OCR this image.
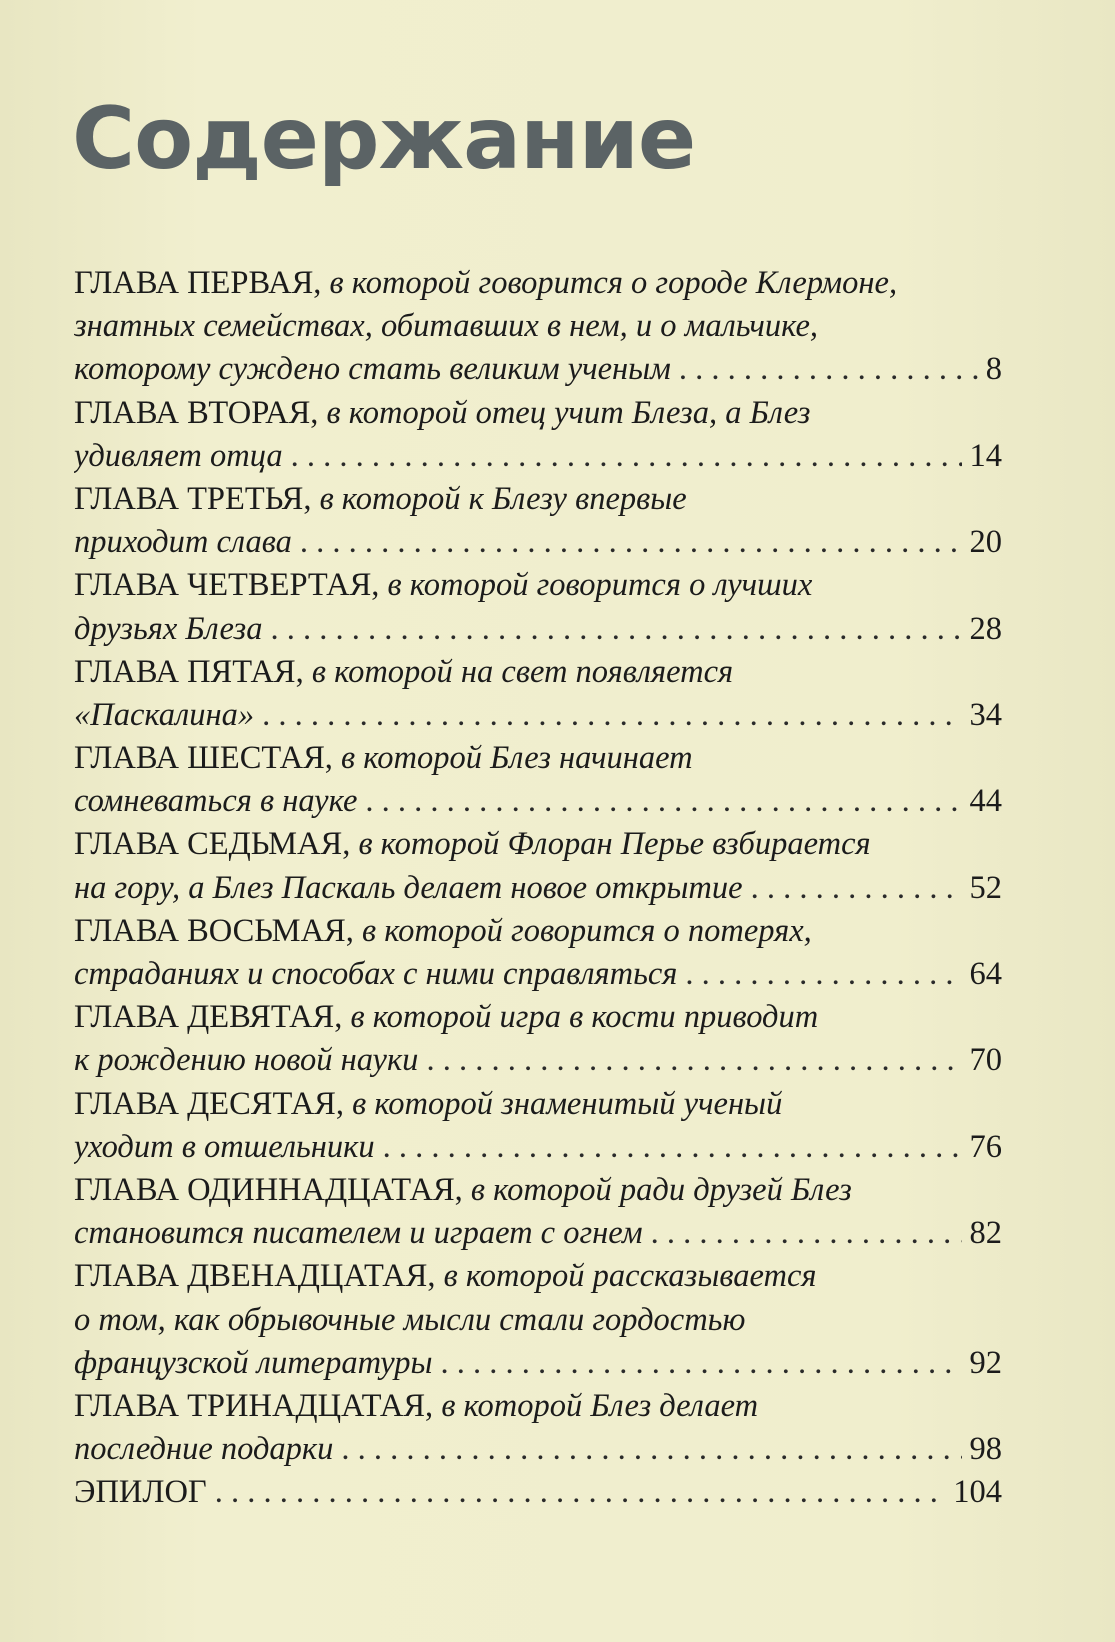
Содержание
ГЛАВА ПЕРВАЯ, в которой говорится о городе Клермоне,
знатных семействах, обитавших в нем, и о мальчике,
которому суждено стать великим ученым . . .	8
ГЛАВА ВТОРАЯ, в которой отец учит Блеза, а Блез
удивляет отца . . .	14
ГЛАВА ТРЕТЬЯ, в которой к Блезу впервые
приходит слава . . .	20
ГЛАВА ЧЕТВЕРТАЯ, в которой говорится о лучших
друзьях Блеза . . .	28
ГЛАВА ПЯТАЯ, в которой на свет появляется
«Паскалина» . . .	34
ГЛАВА ШЕСТАЯ, в которой Блез начинает
сомневаться в науке . . .	44
ГЛАВА СЕДЬМАЯ, в которой Флоран Перье взбирается
на гору, а Блез Паскаль делает новое открытие . . .	52
ГЛАВА ВОСЬМАЯ, в которой говорится о потерях,
страданиях и способах с ними справляться . . .	64
ГЛАВА ДЕВЯТАЯ, в которой игра в кости приводит
к рождению новой науки . . .	70
ГЛАВА ДЕСЯТАЯ, в которой знаменитый ученый
уходит в отшельники . . .	76
ГЛАВА ОДИННАДЦАТАЯ, в которой ради друзей Блез
становится писателем и играет с огнем . . .	82
ГЛАВА ДВЕНАДЦАТАЯ, в которой рассказывается
о том, как обрывочные мысли стали гордостью
французской литературы . . .	92
ГЛАВА ТРИНАДЦАТАЯ, в которой Блез делает
последние подарки . . .	98
ЭПИЛОГ . . .	104
